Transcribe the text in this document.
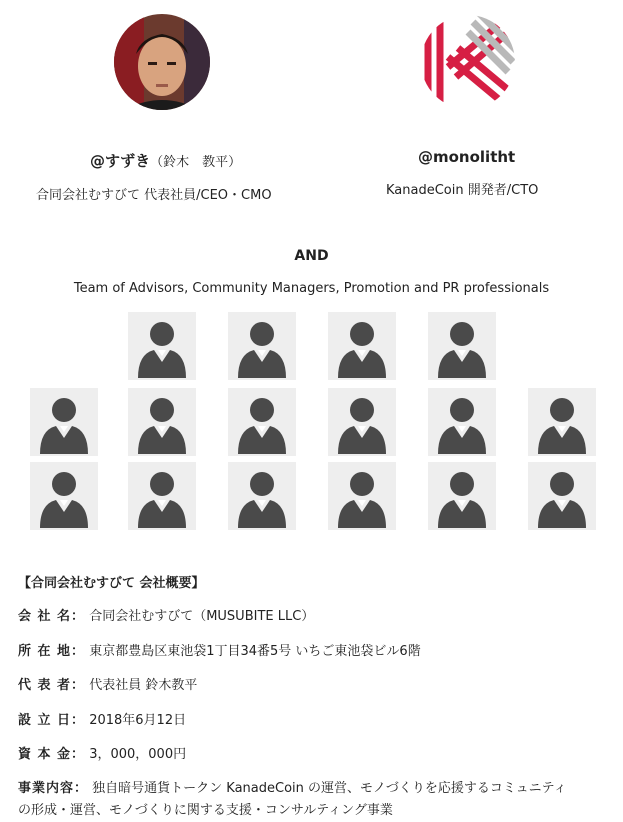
@すずき（鈴木　教平）
合同会社むすびて 代表社員/CEO・CMO
@monolitht
KanadeCoin 開発者/CTO
AND
Team of Advisors, Community Managers, Promotion and PR professionals
【合同会社むすびて 会社概要】
会 社 名： 合同会社むすびて（MUSUBITE LLC）
所 在 地： 東京都豊島区東池袋1丁目34番5号 いちご東池袋ビル6階
代 表 者： 代表社員 鈴木教平
設 立 日： 2018年6月12日
資 本 金： 3，000，000円
事業内容： 独自暗号通貨トークン KanadeCoin の運営、モノづくりを応援するコミュニティ
の形成・運営、モノづくりに関する支援・コンサルティング事業
